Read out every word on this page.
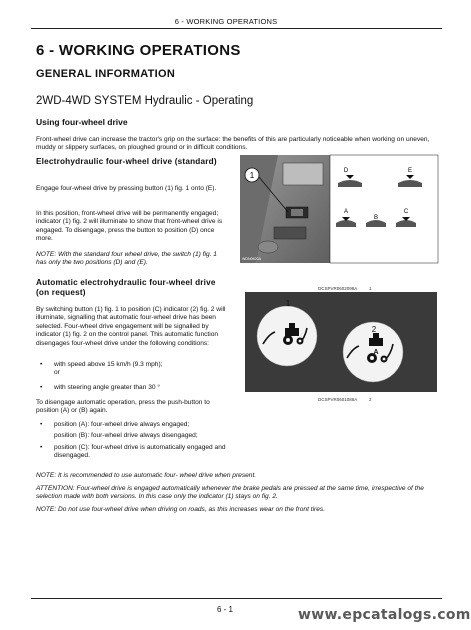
6 - WORKING OPERATIONS
6 - WORKING OPERATIONS
GENERAL INFORMATION
2WD-4WD SYSTEM Hydraulic - Operating
Using four-wheel drive
Front-wheel drive can increase the tractor's grip on the surface: the benefits of this are particularly noticeable when working on uneven, muddy or slippery surfaces, on ploughed ground or in difficult conditions.
Electrohydraulic four-wheel drive (standard)
Engage four-wheel drive by pressing button (1) fig. 1 onto (E).
In this position, front-wheel drive will be permanently engaged; indicator (1) fig. 2 will illuminate to show that front-wheel drive is engaged. To disengage, press the button to position (D) once more.
NOTE: With the standard four wheel drive, the switch (1) fig. 1 has only the two positions (D) and (E).
Automatic electrohydraulic four-wheel drive (on request)
By switching button (1) fig. 1 to position (C) indicator (2) fig. 2 will illuminate, signalling that automatic four-wheel drive has been selected. Four-wheel drive engagement will be signalled by indicator (1) fig. 2 on the control panel. This automatic function disengages four-wheel drive under the following conditions:
• with speed above 15 km/h (9.3 mph);
or
• with steering angle greater than 30 °
To disengage automatic operation, press the push-button to position (A) or (B) again.
• position (A): four-wheel drive always engaged;
position (B): four-wheel drive always disengaged;
• position (C): four-wheel drive is automatically engaged and disengaged.
NOTE: It is recommended to use automatic four- wheel drive when present.
ATTENTION: Four-wheel drive is engaged automatically whenever the brake pedals are pressed at the same time, irrespective of the selection made with both versions. In this case only the indicator (1) stays on fig. 2.
NOTE: Do not use four-wheel drive when driving on roads, as this increases wear on the front tires.
D	E
A
B
C
1
WDN0620A
DCSPVR0602098A	1
A
1
2
DCSPVR0601086A	2
6 - 1	www.epcatalogs.com
